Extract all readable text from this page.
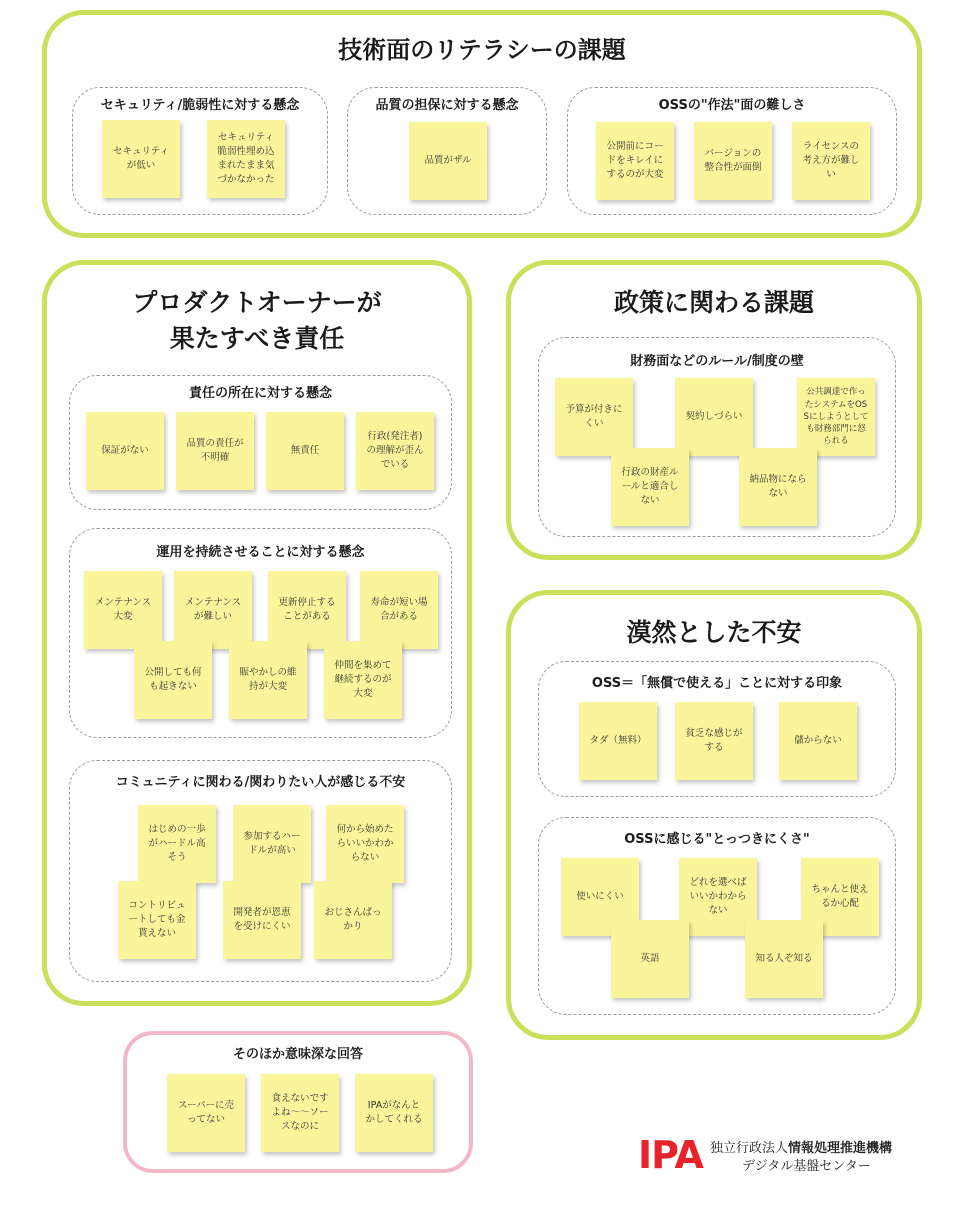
技術面のリテラシーの課題
セキュリティ/脆弱性に対する懸念
セキュリティ
が低い
セキュリティ
脆弱性埋め込
まれたまま気
づかなかった
品質の担保に対する懸念
品質がザル
OSSの"作法"面の難しさ
公開前にコー
ドをキレイに
するのが大変
バージョンの
整合性が面倒
ライセンスの
考え方が難し
い
プロダクトオーナーが
果たすべき責任
責任の所在に対する懸念
保証がない
品質の責任が
不明確
無責任
行政(発注者)
の理解が歪ん
でいる
運用を持続させることに対する懸念
メンテナンス
大変
メンテナンス
が難しい
更新停止する
ことがある
寿命が短い場
合がある
公開しても何
も起きない
賑やかしの維
持が大変
仲間を集めて
継続するのが
大変
コミュニティに関わる/関わりたい人が感じる不安
はじめの一歩
がハードル高
そう
参加するハー
ドルが高い
何から始めた
らいいかわか
らない
コントリビュ
ートしても金
貰えない
開発者が恩恵
を受けにくい
おじさんばっ
かり
政策に関わる課題
財務面などのルール/制度の壁
予算が付きに
くい
契約しづらい
公共調達で作っ
たシステムをOS
Sにしようとして
も財務部門に怒
られる
行政の財産ル
ールと適合し
ない
納品物になら
ない
漠然とした不安
OSS＝「無償で使える」ことに対する印象
タダ（無料）
貧乏な感じが
する
儲からない
OSSに感じる"とっつきにくさ"
使いにくい
どれを選べば
いいかわから
ない
ちゃんと使え
るか心配
英語	知る人ぞ知る
そのほか意味深な回答
スーパーに売
ってない
食えないです
よね〜〜ソー
スなのに
IPAがなんと
かしてくれる
IPA 独立行政法人情報処理推進機構
デジタル基盤センター
